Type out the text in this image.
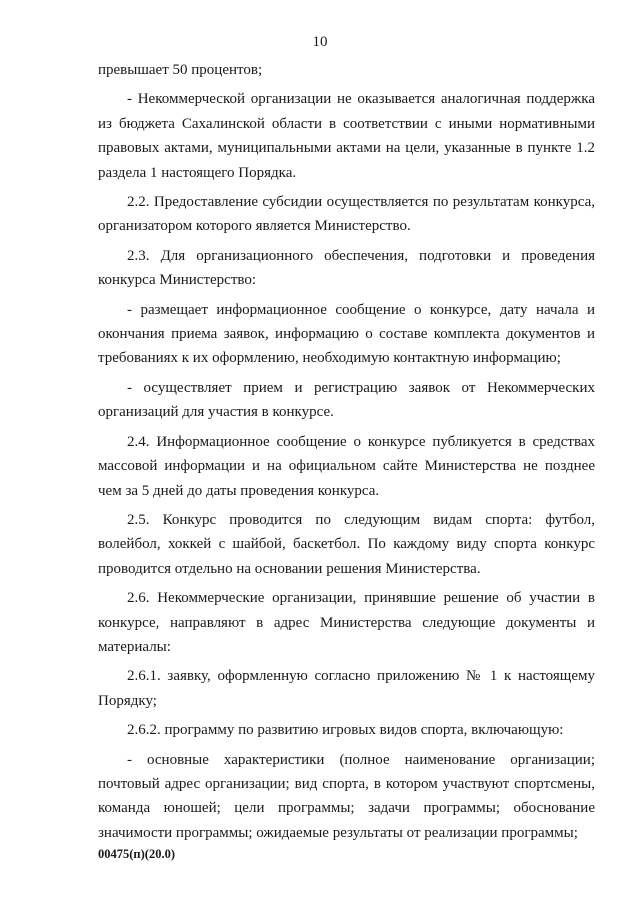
10

превышает 50 процентов;

- Некоммерческой организации не оказывается аналогичная поддержка из бюджета Сахалинской области в соответствии с иными нормативными правовых актами, муниципальными актами на цели, указанные в пункте 1.2 раздела 1 настоящего Порядка.

2.2. Предоставление субсидии осуществляется по результатам конкурса, организатором которого является Министерство.

2.3. Для организационного обеспечения, подготовки и проведения конкурса Министерство:

- размещает информационное сообщение о конкурсе, дату начала и окончания приема заявок, информацию о составе комплекта документов и требованиях к их оформлению, необходимую контактную информацию;

- осуществляет прием и регистрацию заявок от Некоммерческих организаций для участия в конкурсе.

2.4. Информационное сообщение о конкурсе публикуется в средствах массовой информации и на официальном сайте Министерства не позднее чем за 5 дней до даты проведения конкурса.

2.5. Конкурс проводится по следующим видам спорта: футбол, волейбол, хоккей с шайбой, баскетбол. По каждому виду спорта конкурс проводится отдельно на основании решения Министерства.

2.6. Некоммерческие организации, принявшие решение об участии в конкурсе, направляют в адрес Министерства следующие документы и материалы:

2.6.1. заявку, оформленную согласно приложению № 1 к настоящему Порядку;

2.6.2. программу по развитию игровых видов спорта, включающую:

- основные характеристики (полное наименование организации; почтовый адрес организации; вид спорта, в котором участвуют спортсмены, команда юношей; цели программы; задачи программы; обоснование значимости программы; ожидаемые результаты от реализации программы;

00475(п)(20.0)
